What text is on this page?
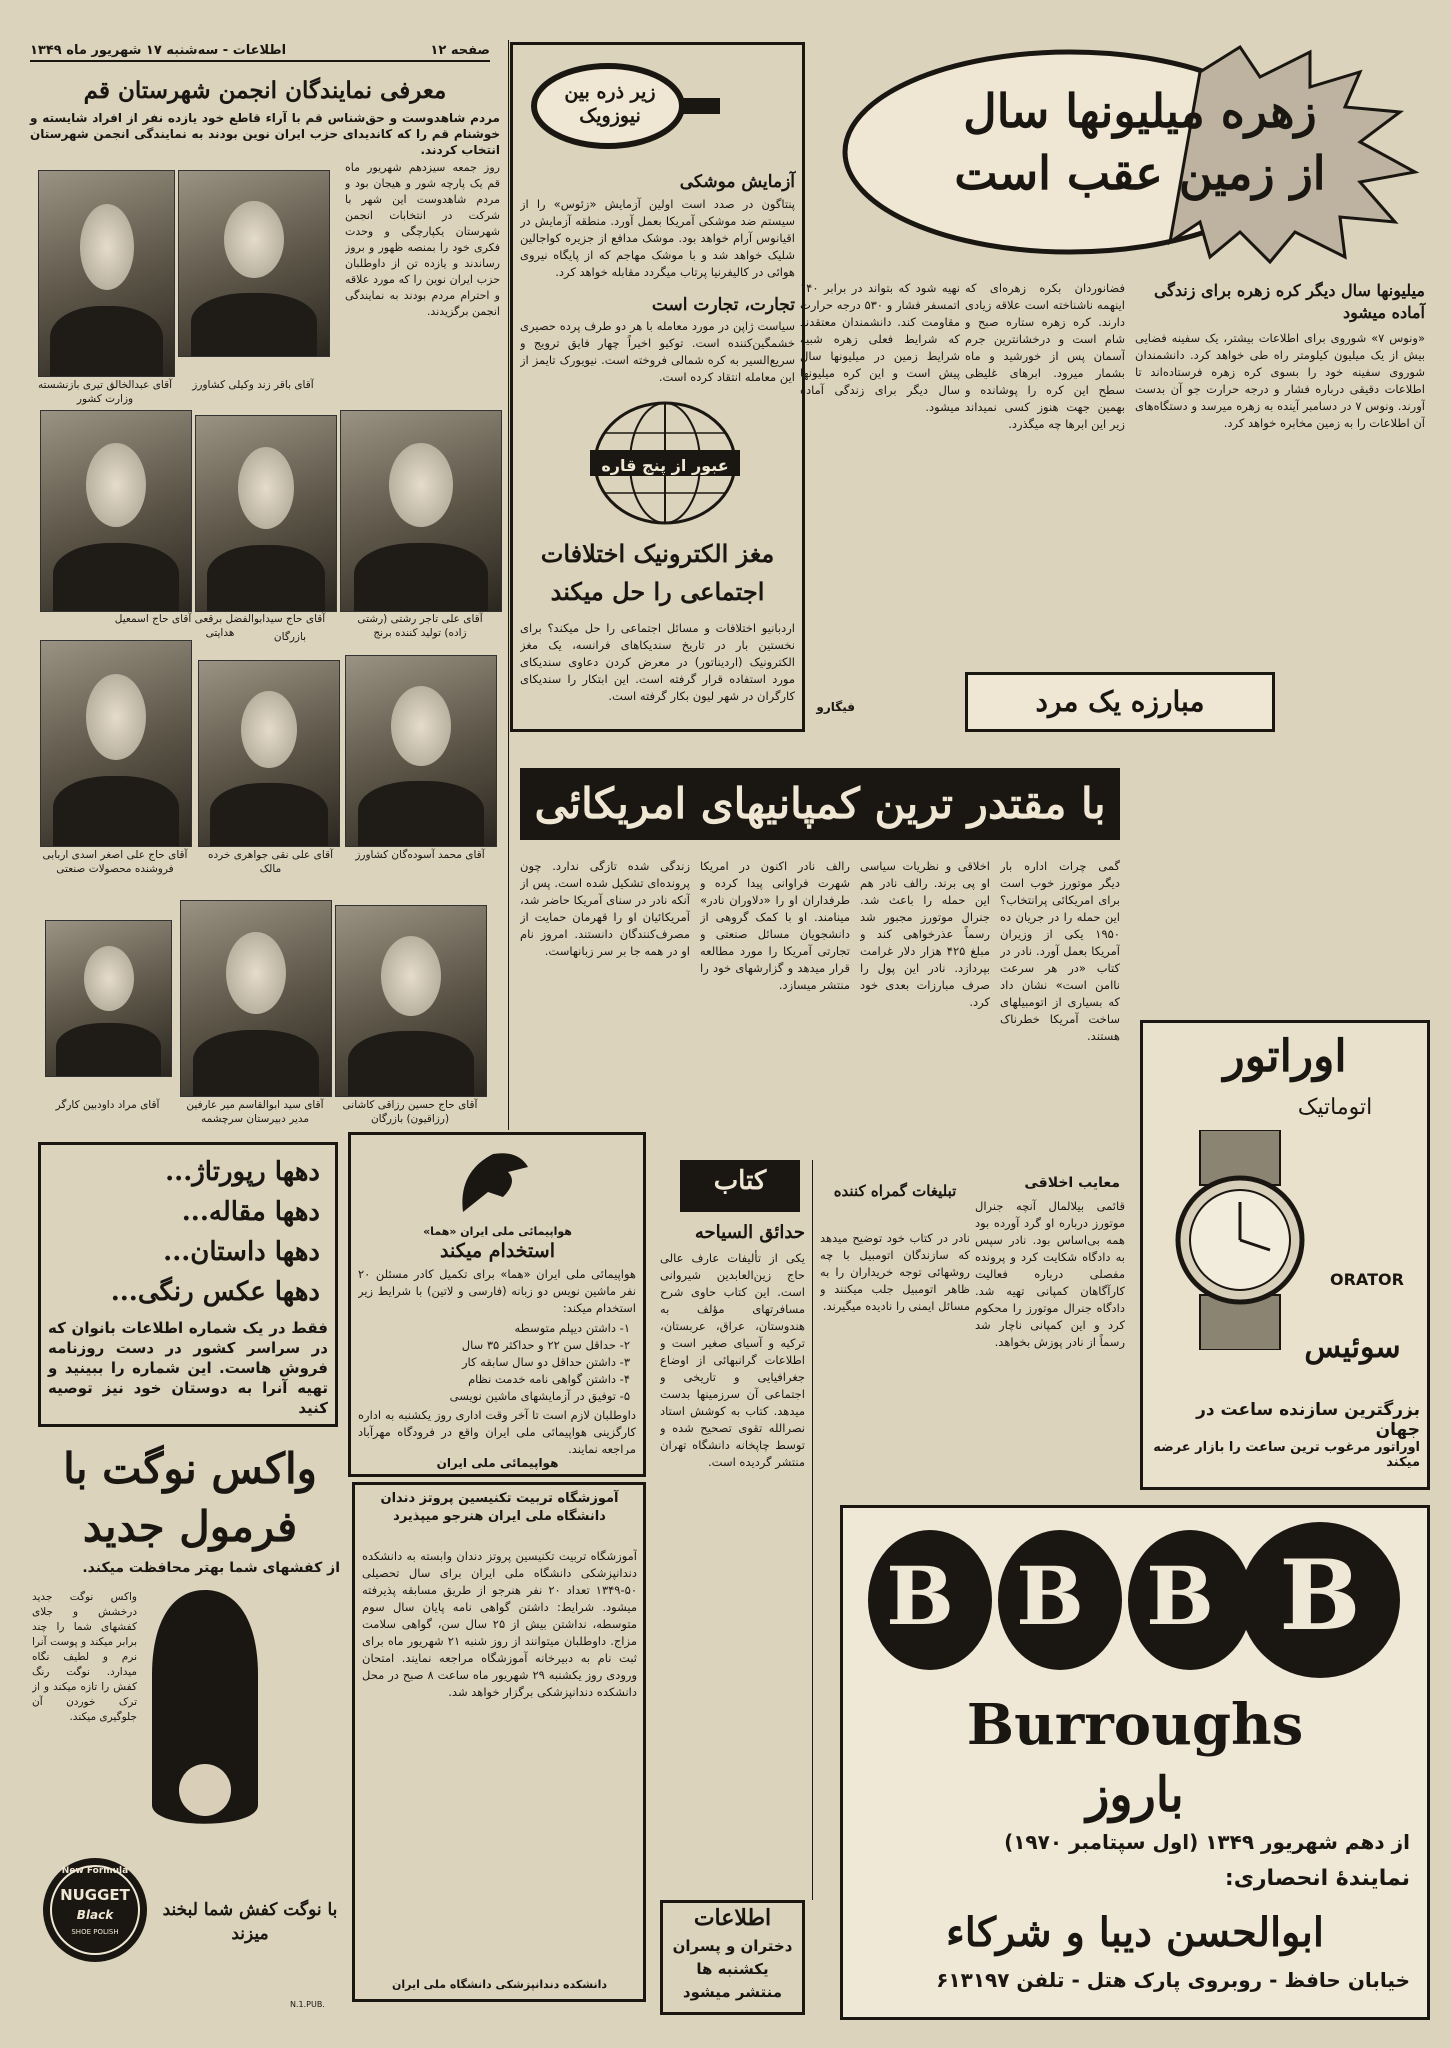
صفحه ۱۲
اطلاعات - سه‌شنبه ۱۷ شهریور ماه ۱۳۴۹
معرفی نمایندگان انجمن شهرستان قم
مردم شاهدوست و حق‌شناس قم با آراء قاطع خود یازده نفر از افراد شایسته و خوشنام قم را که کاندیدای حزب ایران نوین بودند به نمایندگی انجمن شهرستان انتخاب کردند.
روز جمعه سیزدهم شهریور ماه قم یک پارچه شور و هیجان بود و مردم شاهدوست این شهر با شرکت در انتخابات انجمن شهرستان یکپارچگی و وحدت فکری خود را بمنصه ظهور و بروز رساندند و یازده تن از داوطلبان حزب ایران نوین را که مورد علاقه و احترام مردم بودند به نمایندگی انجمن برگزیدند.
آقای باقر زند وکیلی کشاورز
آقای عبدالخالق تیری بازنشسته وزارت کشور
آقای علی تاجر رشتی (رشتی زاده) تولید کننده برنج
آقای حاج سیدابوالفضل برقعی آقای حاج اسمعیل هدایتی	بازرگان
آقای محمد آسوده‌گان کشاورز
آقای علی نقی جواهری خرده مالک
آقای حاج علی اصغر اسدی اربابی فروشنده محصولات صنعتی
آقای حاج حسین رزاقی کاشانی (رزاقیون) بازرگان
آقای سید ابوالقاسم میر عارفین مدیر دبیرستان سرچشمه
آقای مراد داودبین کارگر
زیر ذره بین نیوزویک
آزمایش موشکی
پنتاگون در صدد است اولین آزمایش «زئوس» را از سیستم ضد موشکی آمریکا بعمل آورد. منطقه آزمایش در اقیانوس آرام خواهد بود. موشک مدافع از جزیره کواجالین شلیک خواهد شد و با موشک مهاجم که از پایگاه نیروی هوائی در کالیفرنیا پرتاب میگردد مقابله خواهد کرد.
تجارت، تجارت است
سیاست ژاپن در مورد معامله با هر دو طرف پرده حصیری خشمگین‌کننده است. توکیو اخیراً چهار فایق ترویج و سریع‌السیر به کره شمالی فروخته است. نیویورک تایمز از این معامله انتقاد کرده است.
عبور از پنج قاره
مغز الکترونیک اختلافات اجتماعی را حل میکند
اردبانیو اختلافات و مسائل اجتماعی را حل میکند؟ برای نخستین بار در تاریخ سندیکاهای فرانسه، یک مغز الکترونیک (اردیناتور) در معرض کردن دعاوی سندیکای مورد استفاده قرار گرفته است. این ابتکار را سندیکای کارگران در شهر لیون بکار گرفته است.
زهره میلیونها سال
از زمین عقب است
میلیونها سال دیگر کره زهره برای زندگی آماده میشود
«ونوس ۷» شوروی برای اطلاعات بیشتر، یک سفینه فضایی بیش از یک میلیون کیلومتر راه طی خواهد کرد. دانشمندان شوروی سفینه خود را بسوی کره زهره فرستاده‌اند تا اطلاعات دقیقی درباره فشار و درجه حرارت جو آن بدست آورند. ونوس ۷ در دسامبر آینده به زهره میرسد و دستگاه‌های آن اطلاعات را به زمین مخابره خواهد کرد.
فضانوردان بکره زهره‌ای که اینهمه ناشناخته است علاقه زیادی دارند. کره زهره ستاره صبح و شام است و درخشانترین جرم آسمان پس از خورشید و ماه بشمار میرود. ابرهای غلیظی سطح این کره را پوشانده و بهمین جهت هنوز کسی نمیداند زیر این ابرها چه میگذرد.
نهیه شود که بتواند در برابر ۱۴۰ اتمسفر فشار و ۵۳۰ درجه حرارت مقاومت کند. دانشمندان معتقدند که شرایط فعلی زهره شبیه شرایط زمین در میلیونها سال پیش است و این کره میلیونها سال دیگر برای زندگی آماده میشود.
فیگارو	مبارزه یک مرد
با مقتدر ترین کمپانیهای امریکائی
گمی چرات اداره بار دیگر موتورز خوب است برای امریکائی پرانتخاب؟ این حمله را در جریان ده ۱۹۵۰ یکی از وزیران آمریکا بعمل آورد. نادر در کتاب «در هر سرعت ناامن است» نشان داد که بسیاری از اتومبیلهای ساخت آمریکا خطرناک هستند.
اخلاقی و نظریات سیاسی او پی برند. رالف نادر هم این حمله را باعث شد. جنرال موتورز مجبور شد رسماً عذرخواهی کند و مبلغ ۴۲۵ هزار دلار غرامت بپردازد. نادر این پول را صرف مبارزات بعدی خود کرد.
رالف نادر اکنون در امریکا شهرت فراوانی پیدا کرده و طرفداران او را «دلاوران نادر» مینامند. او با کمک گروهی از دانشجویان مسائل صنعتی و تجارتی آمریکا را مورد مطالعه قرار میدهد و گزارشهای خود را منتشر میسازد.
زندگی شده تازگی ندارد. چون پرونده‌ای تشکیل شده است. پس از آنکه نادر در سنای آمریکا حاضر شد، آمریکائیان او را قهرمان حمایت از مصرف‌کنندگان دانستند. امروز نام او در همه جا بر سر زبانهاست.
اوراتور
اتوماتیک
ORATOR
سوئیس
بزرگترین سازنده ساعت در جهان
اوراتور مرغوب ترین ساعت را بازار عرضه میکند
معایب اخلاقی
قائمی بیلالمال آنچه جنرال موتورز درباره او گرد آورده بود همه بی‌اساس بود. نادر سپس به دادگاه شکایت کرد و پرونده مفصلی درباره فعالیت کارآگاهان کمپانی تهیه شد. دادگاه جنرال موتورز را محکوم کرد و این کمپانی ناچار شد رسماً از نادر پوزش بخواهد.
B B B B
Burroughs
باروز
از دهم شهریور ۱۳۴۹ (اول سپتامبر ۱۹۷۰)
نمایندهٔ انحصاری:
ابوالحسن دیبا و شرکاء
خیابان حافظ - روبروی پارک هتل - تلفن ۶۱۳۱۹۷
دهها رپورتاژ...
دهها مقاله...
دهها داستان...
دهها عکس رنگی...
فقط در یک شماره اطلاعات بانوان که در سراسر کشور در دست روزنامه فروش هاست. این شماره را ببینید و تهیه آنرا به دوستان خود نیز توصیه کنید
هواپیمائی ملی ایران «هما»
استخدام میکند
هواپیمائی ملی ایران «هما» برای تکمیل کادر مسئلن ۲۰ نفر ماشین نویس دو زبانه (فارسی و لاتین) با شرایط زیر استخدام میکند:
۱- داشتن دیپلم متوسطه
۲- حداقل سن ۲۲ و حداکثر ۳۵ سال
۳- داشتن حداقل دو سال سابقه کار
۴- داشتن گواهی نامه خدمت نظام
۵- توفیق در آزمایشهای ماشین نویسی
داوطلبان لازم است تا آخر وقت اداری روز یکشنبه به اداره کارگزینی هواپیمائی ملی ایران واقع در فرودگاه مهرآباد مراجعه نمایند.
هواپیمائی ملی ایران
آموزشگاه تربیت تکنیسین پروتز دندان دانشگاه ملی ایران هنرجو میپذیرد
آموزشگاه تربیت تکنیسین پروتز دندان وابسته به دانشکده دندانپزشکی دانشگاه ملی ایران برای سال تحصیلی ۵۰-۱۳۴۹ تعداد ۲۰ نفر هنرجو از طریق مسابقه پذیرفته میشود. شرایط: داشتن گواهی نامه پایان سال سوم متوسطه، نداشتن بیش از ۲۵ سال سن، گواهی سلامت مزاج. داوطلبان میتوانند از روز شنبه ۲۱ شهریور ماه برای ثبت نام به دبیرخانه آموزشگاه مراجعه نمایند. امتحان ورودی روز یکشنبه ۲۹ شهریور ماه ساعت ۸ صبح در محل دانشکده دندانپزشکی برگزار خواهد شد.
دانشکده دندانپزشکی دانشگاه ملی ایران
کتاب
حدائق السیاحه
یکی از تألیفات عارف عالی حاج زین‌العابدین شیروانی است. این کتاب حاوی شرح مسافرتهای مؤلف به هندوستان، عراق، عربستان، ترکیه و آسیای صغیر است و اطلاعات گرانبهائی از اوضاع جغرافیایی و تاریخی و اجتماعی آن سرزمینها بدست میدهد. کتاب به کوشش استاد نصرالله تقوی تصحیح شده و توسط چاپخانه دانشگاه تهران منتشر گردیده است.
تبلیغات گمراه کننده
نادر در کتاب خود توضیح میدهد که سازندگان اتومبیل با چه روشهائی توجه خریداران را به ظاهر اتومبیل جلب میکنند و مسائل ایمنی را نادیده میگیرند.
اطلاعات
دختران و پسران
یکشنبه ها
منتشر میشود
واکس نوگت با فرمول جدید
از کفشهای شما بهتر محافظت میکند.
واکس نوگت جدید درخشش و جلای کفشهای شما را چند برابر میکند و پوست آنرا نرم و لطیف نگاه میدارد. نوگت رنگ کفش را تازه میکند و از ترک خوردن آن جلوگیری میکند.
New Formula
NUGGET
Black
SHOE POLISH
با نوگت کفش شما لبخند میزند
N.1.PUB.
